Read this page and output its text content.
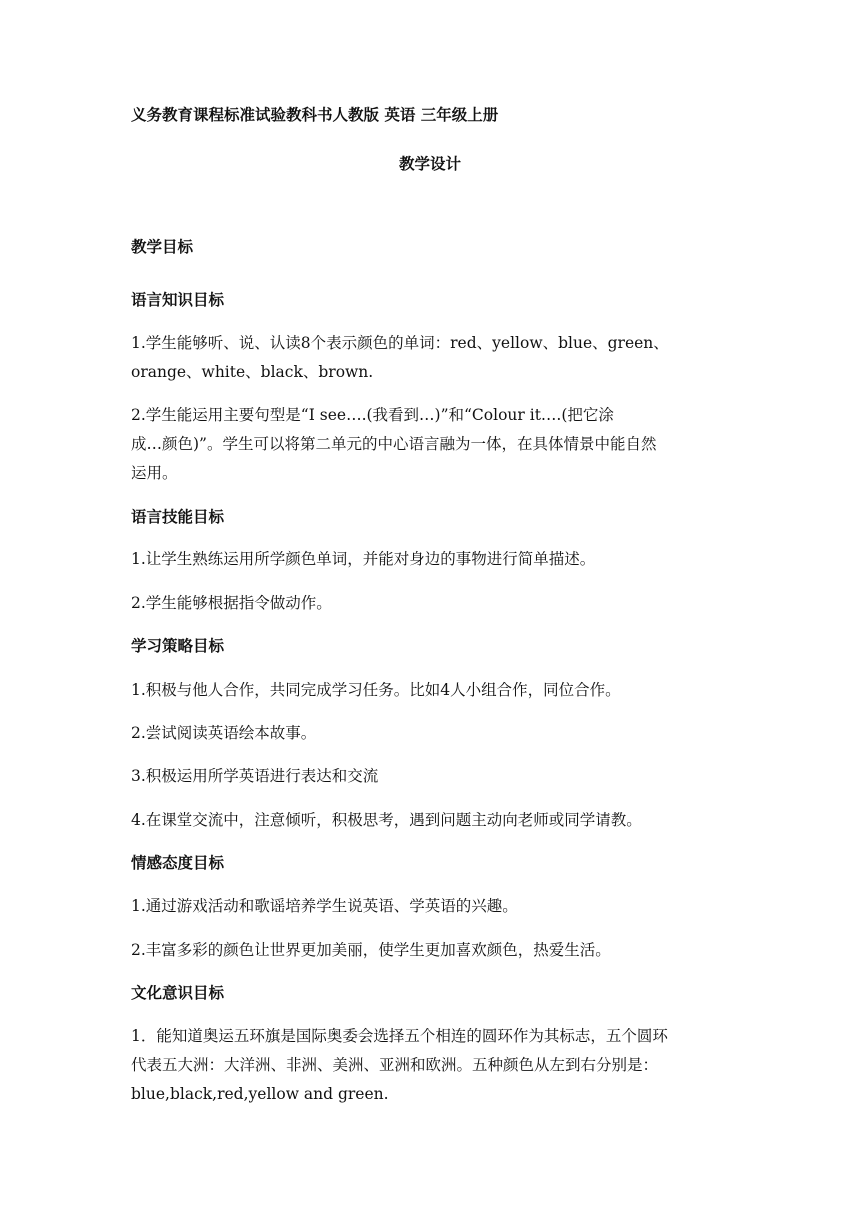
义务教育课程标准试验教科书人教版 英语 三年级上册
教学设计
教学目标
语言知识目标
1.学生能够听、说、认读8个表示颜色的单词：red、yellow、blue、green、
orange、white、black、brown.
2.学生能运用主要句型是“I see….(我看到…)”和“Colour it….(把它涂
成…颜色)”。学生可以将第二单元的中心语言融为一体，在具体情景中能自然
运用。
语言技能目标
1.让学生熟练运用所学颜色单词，并能对身边的事物进行简单描述。
2.学生能够根据指令做动作。
学习策略目标
1.积极与他人合作，共同完成学习任务。比如4人小组合作，同位合作。
2.尝试阅读英语绘本故事。
3.积极运用所学英语进行表达和交流
4.在课堂交流中，注意倾听，积极思考，遇到问题主动向老师或同学请教。
情感态度目标
1.通过游戏活动和歌谣培养学生说英语、学英语的兴趣。
2.丰富多彩的颜色让世界更加美丽，使学生更加喜欢颜色，热爱生活。
文化意识目标
1．能知道奥运五环旗是国际奥委会选择五个相连的圆环作为其标志，五个圆环
代表五大洲：大洋洲、非洲、美洲、亚洲和欧洲。五种颜色从左到右分别是：
blue,black,red,yellow and green.
